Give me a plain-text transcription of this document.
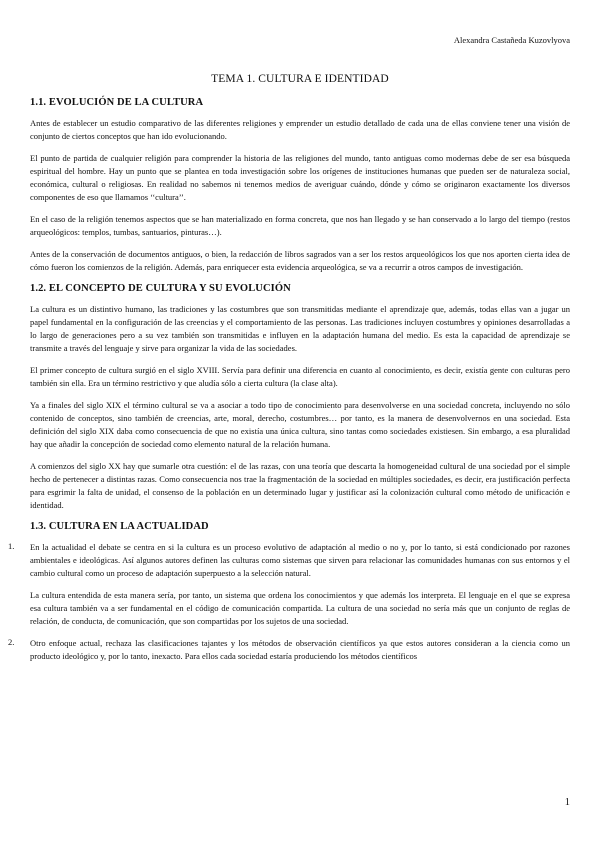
Alexandra Castañeda Kuzovlyova
TEMA 1. CULTURA E IDENTIDAD
1.1. EVOLUCIÓN DE LA CULTURA

Antes de establecer un estudio comparativo de las diferentes religiones y emprender un estudio detallado de cada una de ellas conviene tener una visión de conjunto de ciertos conceptos que han ido evolucionando.

El punto de partida de cualquier religión para comprender la historia de las religiones del mundo, tanto antiguas como modernas debe de ser esa búsqueda espiritual del hombre. Hay un punto que se plantea en toda investigación sobre los orígenes de instituciones humanas que pueden ser de naturaleza social, económica, cultural o religiosas. En realidad no sabemos ni tenemos medios de averiguar cuándo, dónde y cómo se originaron exactamente los diversos componentes de eso que llamamos ‘‘cultura’’.

En el caso de la religión tenemos aspectos que se han materializado en forma concreta, que nos han llegado y se han conservado a lo largo del tiempo (restos arqueológicos: templos, tumbas, santuarios, pinturas…).

Antes de la conservación de documentos antiguos, o bien, la redacción de libros sagrados van a ser los restos arqueológicos los que nos aporten cierta idea de cómo fueron los comienzos de la religión. Además, para enriquecer esta evidencia arqueológica, se va a recurrir a otros campos de investigación.

1.2. EL CONCEPTO DE CULTURA Y SU EVOLUCIÓN

La cultura es un distintivo humano, las tradiciones y las costumbres que son transmitidas mediante el aprendizaje que, además, todas ellas van a jugar un papel fundamental en la configuración de las creencias y el comportamiento de las personas. Las tradiciones incluyen costumbres y opiniones desarrolladas a lo largo de generaciones pero a su vez también son transmitidas e influyen en la adaptación humana del medio. Es esta la capacidad de aprendizaje se transmite a través del lenguaje y sirve para organizar la vida de las sociedades.

El primer concepto de cultura surgió en el siglo XVIII. Servía para definir una diferencia en cuanto al conocimiento, es decir, existía gente con culturas pero también sin ella. Era un término restrictivo y que aludía sólo a cierta cultura (la clase alta).

Ya a finales del siglo XIX el término cultural se va a asociar a todo tipo de conocimiento para desenvolverse en una sociedad concreta, incluyendo no sólo contenido de conceptos, sino también de creencias, arte, moral, derecho, costumbres… por tanto, es la manera de desenvolvernos en una sociedad. Esta definición del siglo XIX daba como consecuencia de que no existía una única cultura, sino tantas como sociedades existiesen. Sin embargo, a esa pluralidad hay que añadir la concepción de sociedad como elemento natural de la relación humana.

A comienzos del siglo XX hay que sumarle otra cuestión: el de las razas, con una teoría que descarta la homogeneidad cultural de una sociedad por el simple hecho de pertenecer a distintas razas. Como consecuencia nos trae la fragmentación de la sociedad en múltiples sociedades, es decir, era justificación perfecta para esgrimir la falta de unidad, el consenso de la población en un determinado lugar y justificar así la colonización cultural como método de unificación e identidad.

1.3. CULTURA EN LA ACTUALIDAD
1. En la actualidad el debate se centra en si la cultura es un proceso evolutivo de adaptación al medio o no y, por lo tanto, si está condicionado por razones ambientales e ideológicas. Así algunos autores definen las culturas como sistemas que sirven para relacionar las comunidades humanas con sus entornos y el cambio cultural como un proceso de adaptación superpuesto a la selección natural.

La cultura entendida de esta manera sería, por tanto, un sistema que ordena los conocimientos y que además los interpreta. El lenguaje en el que se expresa esa cultura también va a ser fundamental en el código de comunicación compartida. La cultura de una sociedad no sería más que un conjunto de reglas de relación, de conducta, de comunicación, que son compartidas por los sujetos de una sociedad.

2. Otro enfoque actual, rechaza las clasificaciones tajantes y los métodos de observación científicos ya que estos autores consideran a la ciencia como un producto ideológico y, por lo tanto, inexacto. Para ellos cada sociedad estaría produciendo los métodos científicos

1
